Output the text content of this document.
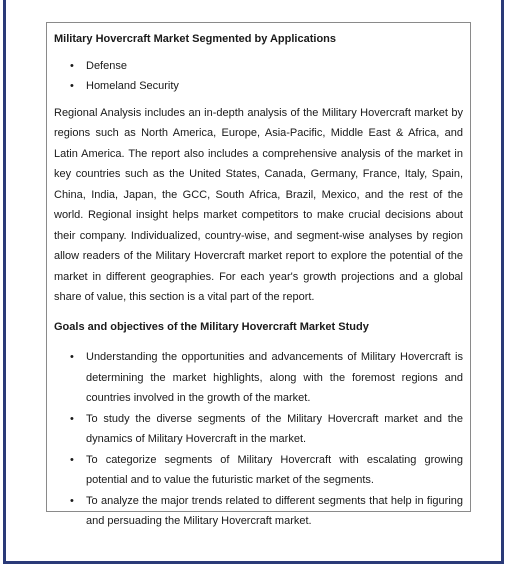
Military Hovercraft Market Segmented by Applications

• Defense
• Homeland Security

Regional Analysis includes an in-depth analysis of the Military Hovercraft market by regions such as North America, Europe, Asia-Pacific, Middle East & Africa, and Latin America. The report also includes a comprehensive analysis of the market in key countries such as the United States, Canada, Germany, France, Italy, Spain, China, India, Japan, the GCC, South Africa, Brazil, Mexico, and the rest of the world. Regional insight helps market competitors to make crucial decisions about their company. Individualized, country-wise, and segment-wise analyses by region allow readers of the Military Hovercraft market report to explore the potential of the market in different geographies. For each year's growth projections and a global share of value, this section is a vital part of the report.

Goals and objectives of the Military Hovercraft Market Study

• Understanding the opportunities and advancements of Military Hovercraft is determining the market highlights, along with the foremost regions and countries involved in the growth of the market.
• To study the diverse segments of the Military Hovercraft market and the dynamics of Military Hovercraft in the market.
• To categorize segments of Military Hovercraft with escalating growing potential and to value the futuristic market of the segments.
• To analyze the major trends related to different segments that help in figuring and persuading the Military Hovercraft market.
